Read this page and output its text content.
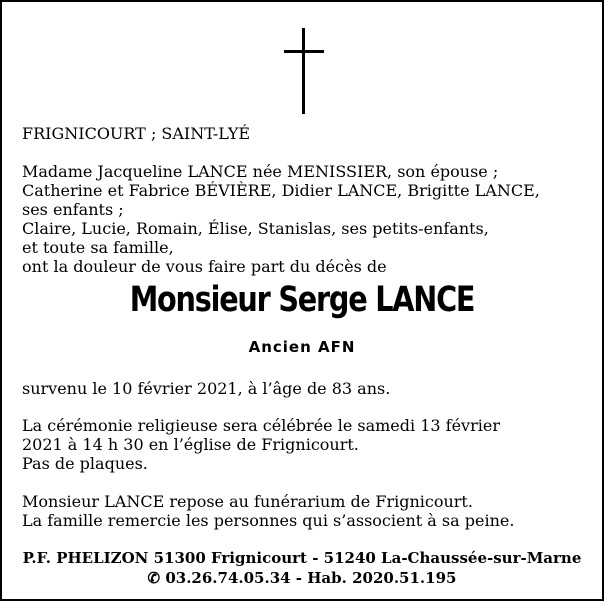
FRIGNICOURT ; SAINT-LYÉ
Madame Jacqueline LANCE née MENISSIER, son épouse ;
Catherine et Fabrice BÉVIÈRE, Didier LANCE, Brigitte LANCE,
ses enfants ;
Claire, Lucie, Romain, Élise, Stanislas, ses petits-enfants,
et toute sa famille,
ont la douleur de vous faire part du décès de
Monsieur Serge LANCE
Ancien AFN
survenu le 10 février 2021, à l’âge de 83 ans.
La cérémonie religieuse sera célébrée le samedi 13 février
2021 à 14 h 30 en l’église de Frignicourt.
Pas de plaques.
Monsieur LANCE repose au funérarium de Frignicourt.
La famille remercie les personnes qui s’associent à sa peine.
P.F. PHELIZON 51300 Frignicourt - 51240 La-Chaussée-sur-Marne
✆ 03.26.74.05.34 - Hab. 2020.51.195
